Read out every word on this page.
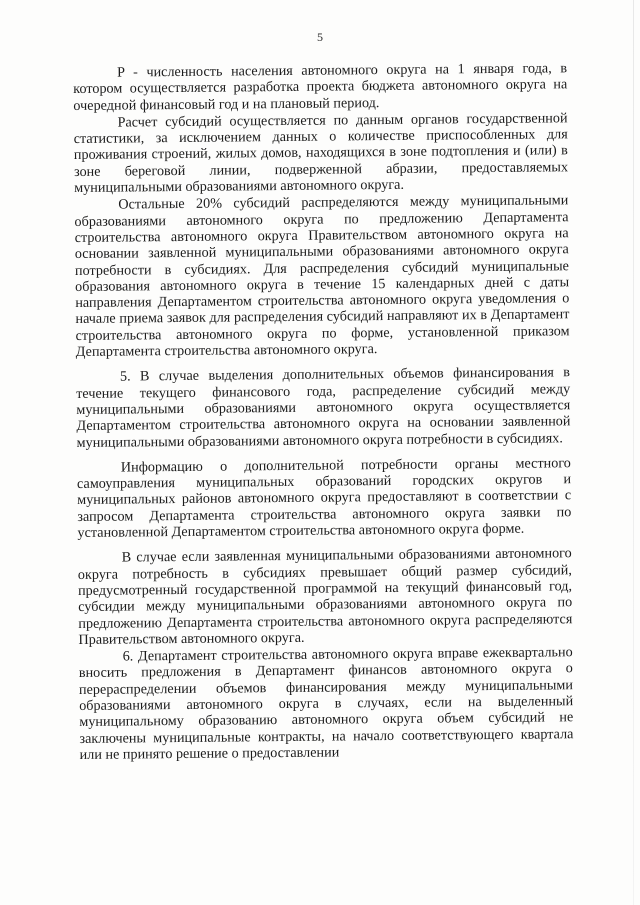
5

P - численность населения автономного округа на 1 января года, в котором осуществляется разработка проекта бюджета автономного округа на очередной финансовый год и на плановый период.

Расчет субсидий осуществляется по данным органов государственной статистики, за исключением данных о количестве приспособленных для проживания строений, жилых домов, находящихся в зоне подтопления и (или) в зоне береговой линии, подверженной абразии, предоставляемых муниципальными образованиями автономного округа.

Остальные 20% субсидий распределяются между муниципальными образованиями автономного округа по предложению Департамента строительства автономного округа Правительством автономного округа на основании заявленной муниципальными образованиями автономного округа потребности в субсидиях. Для распределения субсидий муниципальные образования автономного округа в течение 15 календарных дней с даты направления Департаментом строительства автономного округа уведомления о начале приема заявок для распределения субсидий направляют их в Департамент строительства автономного округа по форме, установленной приказом Департамента строительства автономного округа.

5. В случае выделения дополнительных объемов финансирования в течение текущего финансового года, распределение субсидий между муниципальными образованиями автономного округа осуществляется Департаментом строительства автономного округа на основании заявленной муниципальными образованиями автономного округа потребности в субсидиях.

Информацию о дополнительной потребности органы местного самоуправления муниципальных образований городских округов и муниципальных районов автономного округа предоставляют в соответствии с запросом Департамента строительства автономного округа заявки по установленной Департаментом строительства автономного округа форме.

В случае если заявленная муниципальными образованиями автономного округа потребность в субсидиях превышает общий размер субсидий, предусмотренный государственной программой на текущий финансовый год, субсидии между муниципальными образованиями автономного округа по предложению Департамента строительства автономного округа распределяются Правительством автономного округа.

6. Департамент строительства автономного округа вправе ежеквартально вносить предложения в Департамент финансов автономного округа о перераспределении объемов финансирования между муниципальными образованиями автономного округа в случаях, если на выделенный муниципальному образованию автономного округа объем субсидий не заключены муниципальные контракты, на начало соответствующего квартала или не принято решение о предоставлении
